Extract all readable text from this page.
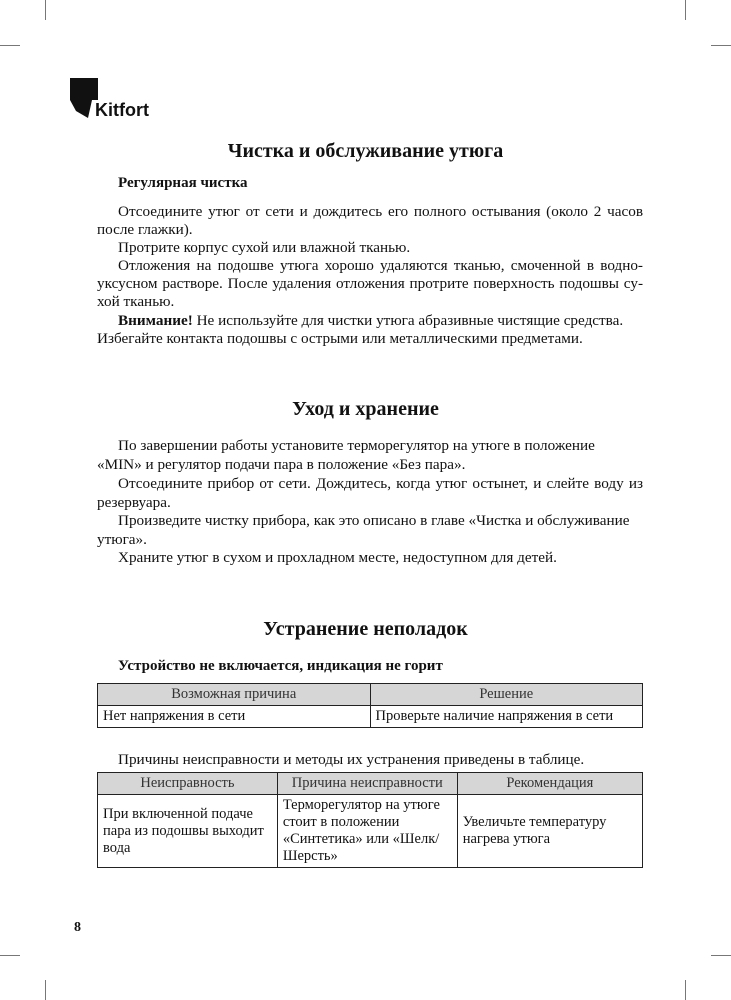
Kitfort
Чистка и обслуживание утюга
Регулярная чистка
Отсоедините утюг от сети и дождитесь его полного остывания (около 2 часов
после глажки).
Протрите корпус сухой или влажной тканью.
Отложения на подошве утюга хорошо удаляются тканью, смоченной в водно-
уксусном растворе. После удаления отложения протрите поверхность подошвы су-
хой тканью.
Внимание! Не используйте для чистки утюга абразивные чистящие средства.
Избегайте контакта подошвы с острыми или металлическими предметами.
Уход и хранение
По завершении работы установите терморегулятор на утюге в положение
«MIN» и регулятор подачи пара в положение «Без пара».
Отсоедините прибор от сети. Дождитесь, когда утюг остынет, и слейте воду из
резервуара.
Произведите чистку прибора, как это описано в главе «Чистка и обслуживание
утюга».
Храните утюг в сухом и прохладном месте, недоступном для детей.
Устранение неполадок
Устройство не включается, индикация не горит
Возможная причина	Решение
Нет напряжения в сети	Проверьте наличие напряжения в сети
Причины неисправности и методы их устранения приведены в таблице.
Неисправность	Причина неисправности	Рекомендация
При включенной подаче пара из подошвы выходит вода	Терморегулятор на утюге стоит в положении «Синтетика» или «Шелк/ Шерсть»	Увеличьте температуру нагрева утюга
8
